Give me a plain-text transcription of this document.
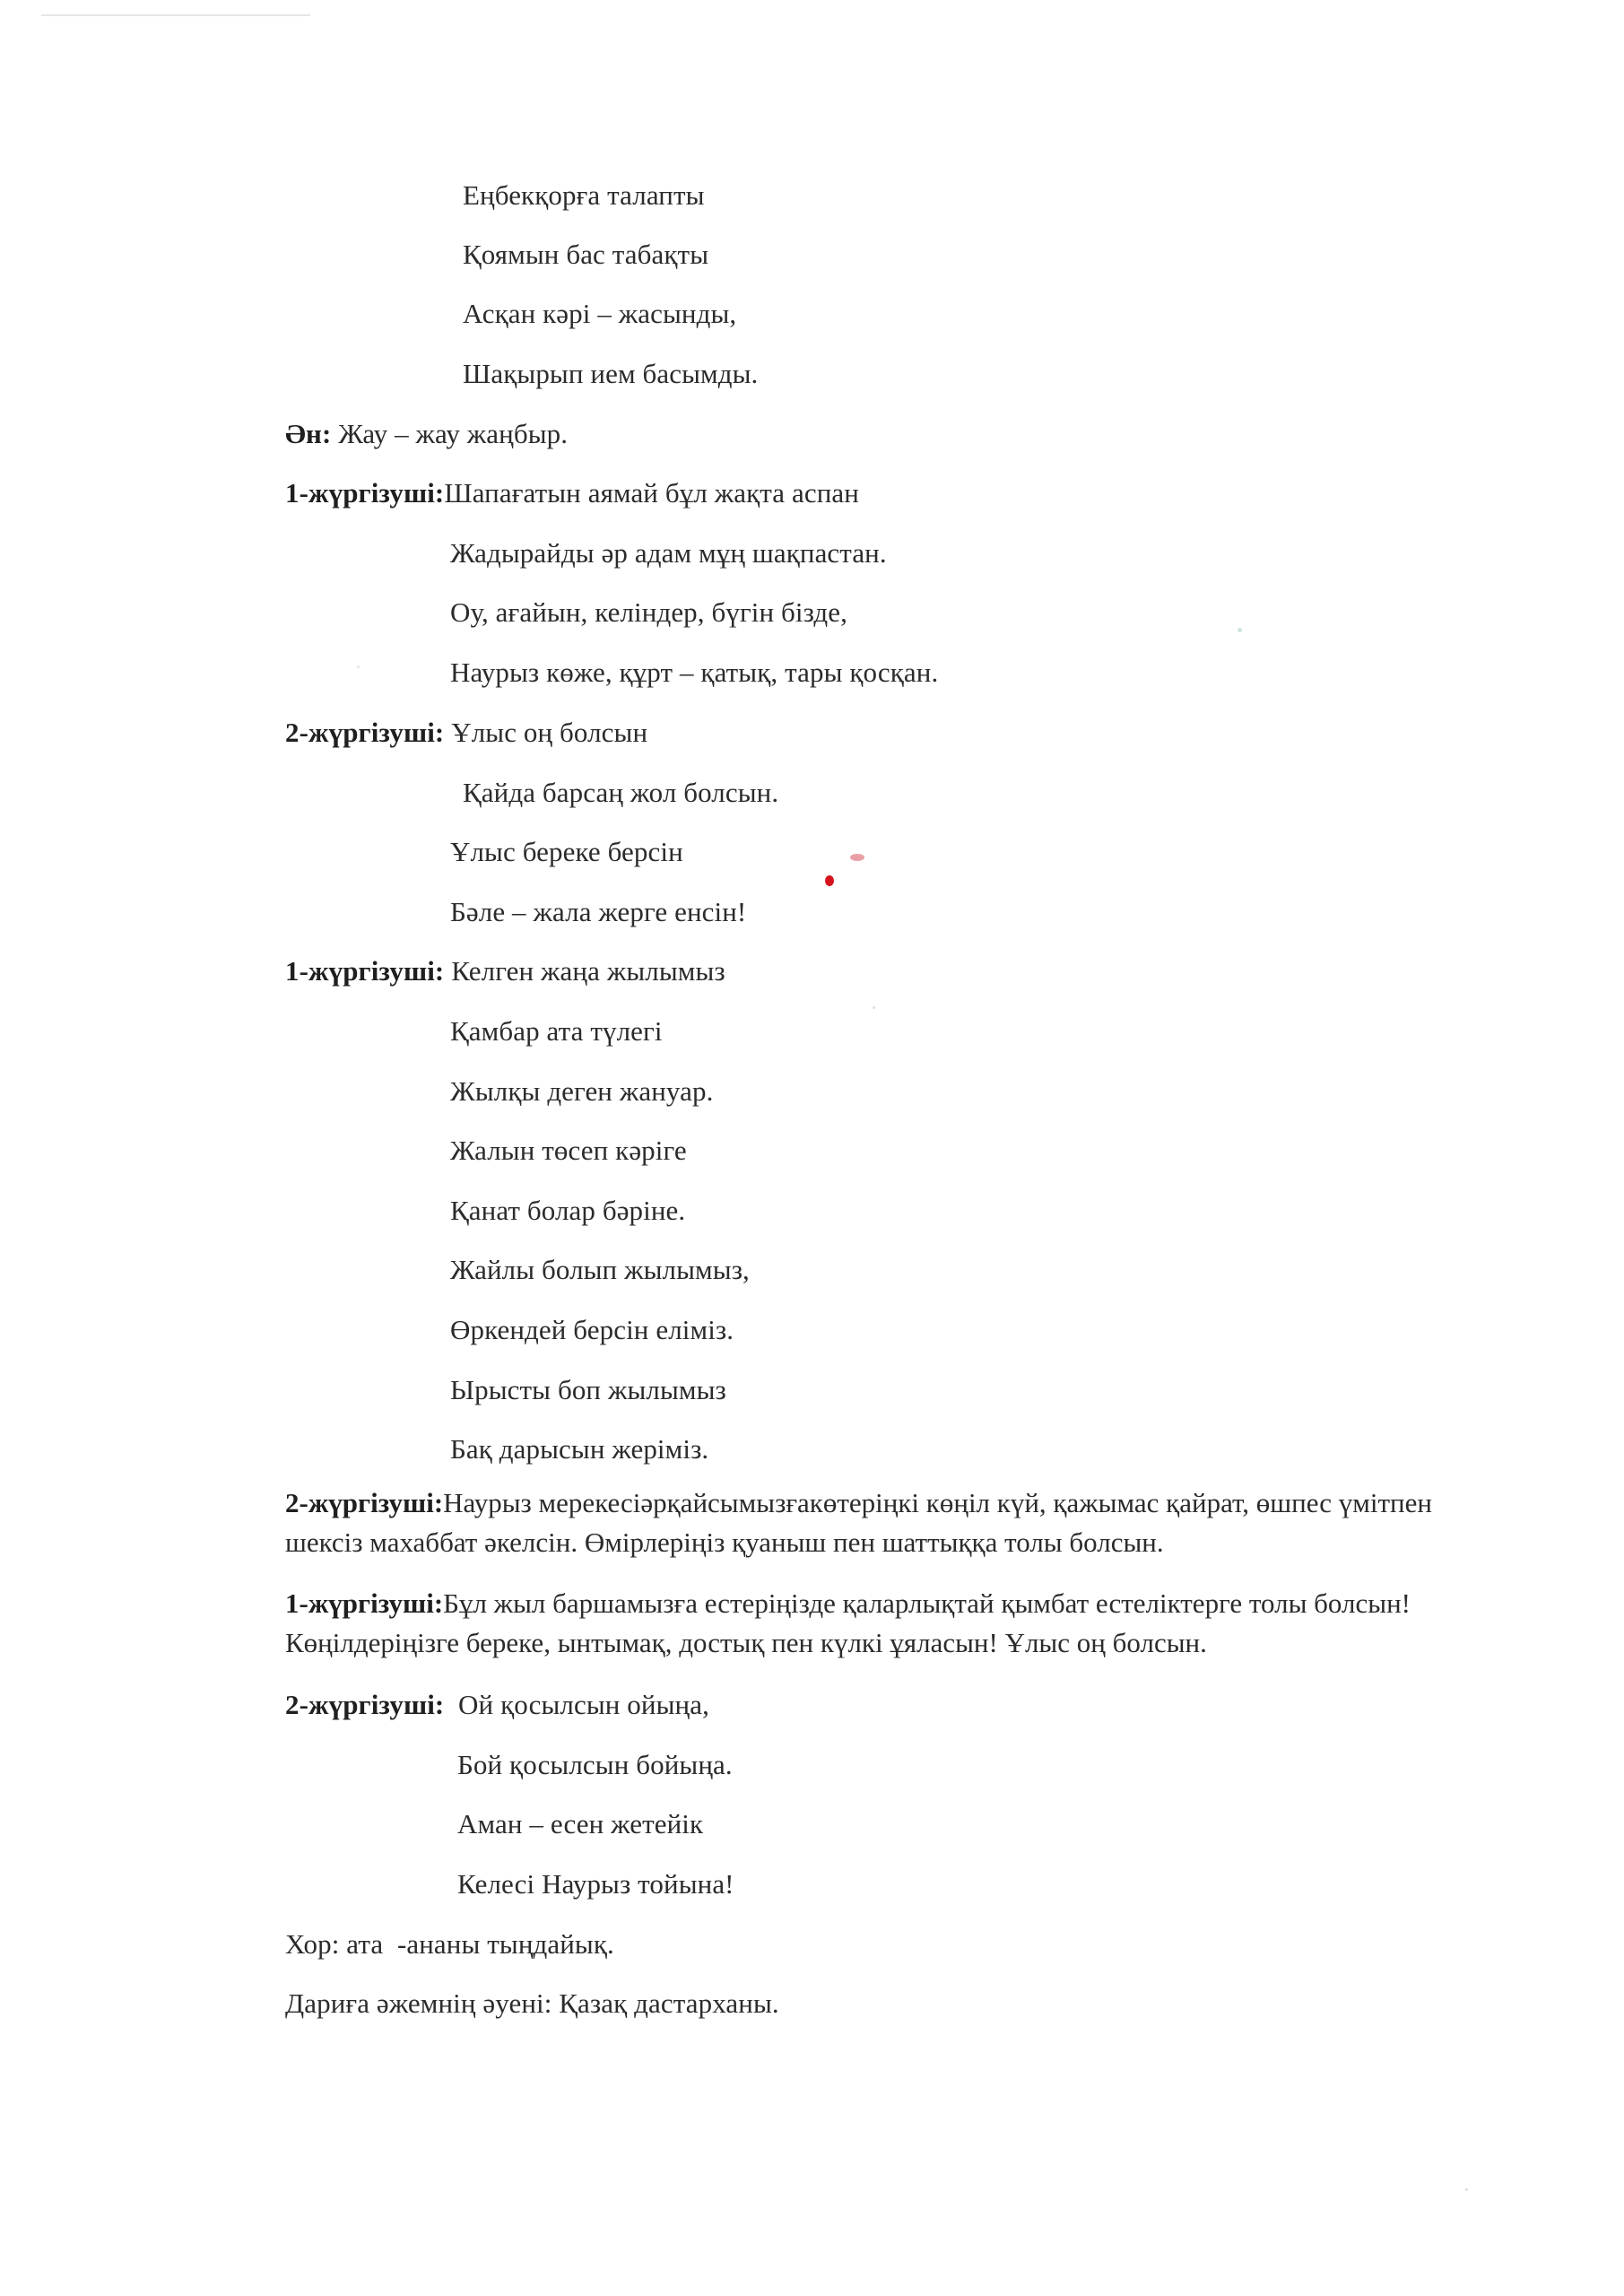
Еңбекқорға талапты
Қоямын бас табақты
Асқан кәрі – жасынды,
Шақырып ием басымды.
Ән: Жау – жау жаңбыр.
1-жүргізуші:Шапағатын аямай бұл жақта аспан
Жадырайды әр адам мұң шақпастан.
Оу, ағайын, келіндер, бүгін бізде,
Наурыз көже, құрт – қатық, тары қосқан.
2-жүргізуші: Ұлыс оң болсын
Қайда барсаң жол болсын.
Ұлыс береке берсін
Бәле – жала жерге енсін!
1-жүргізуші: Келген жаңа жылымыз
Қамбар ата түлегі
Жылқы деген жануар.
Жалын төсеп кәріге
Қанат болар бәріне.
Жайлы болып жылымыз,
Өркендей берсін еліміз.
Ырысты боп жылымыз
Бақ дарысын жеріміз.
2-жүргізуші:Наурыз мерекесіәрқайсымызғакөтеріңкі көңіл күй, қажымас қайрат, өшпес үмітпен шексіз махаббат әкелсін. Өмірлеріңіз қуаныш пен шаттыққа толы болсын.
1-жүргізуші:Бұл жыл баршамызға естеріңізде қаларлықтай қымбат естеліктерге толы болсын! Көңілдеріңізге береке, ынтымақ, достық пен күлкі ұяласын! Ұлыс оң болсын.
2-жүргізуші:  Ой қосылсын ойыңа,
Бой қосылсын бойыңа.
Аман – есен жетейік
Келесі Наурыз тойына!
Хор: ата  -ананы тыңдайық.
Дариға әжемнің әуені: Қазақ дастарханы.
